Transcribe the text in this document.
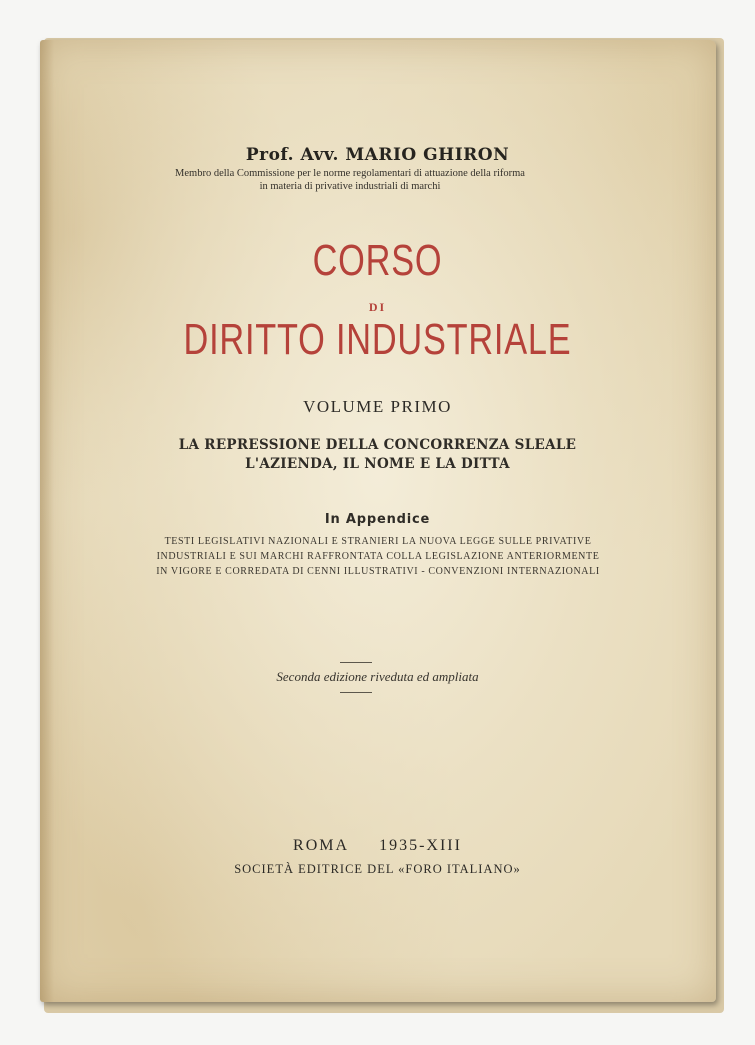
Prof. Avv. MARIO GHIRON
Membro della Commissione per le norme regolamentari di attuazione della riforma
in materia di privative industriali di marchi
CORSO
DI
DIRITTO INDUSTRIALE
VOLUME PRIMO
LA REPRESSIONE DELLA CONCORRENZA SLEALE
L'AZIENDA, IL NOME E LA DITTA
In Appendice
TESTI LEGISLATIVI NAZIONALI E STRANIERI LA NUOVA LEGGE SULLE PRIVATIVE
INDUSTRIALI E SUI MARCHI RAFFRONTATA COLLA LEGISLAZIONE ANTERIORMENTE
IN VIGORE E CORREDATA DI CENNI ILLUSTRATIVI - CONVENZIONI INTERNAZIONALI
Seconda edizione riveduta ed ampliata
ROMA 1935-XIII
SOCIETÀ EDITRICE DEL «FORO ITALIANO»
